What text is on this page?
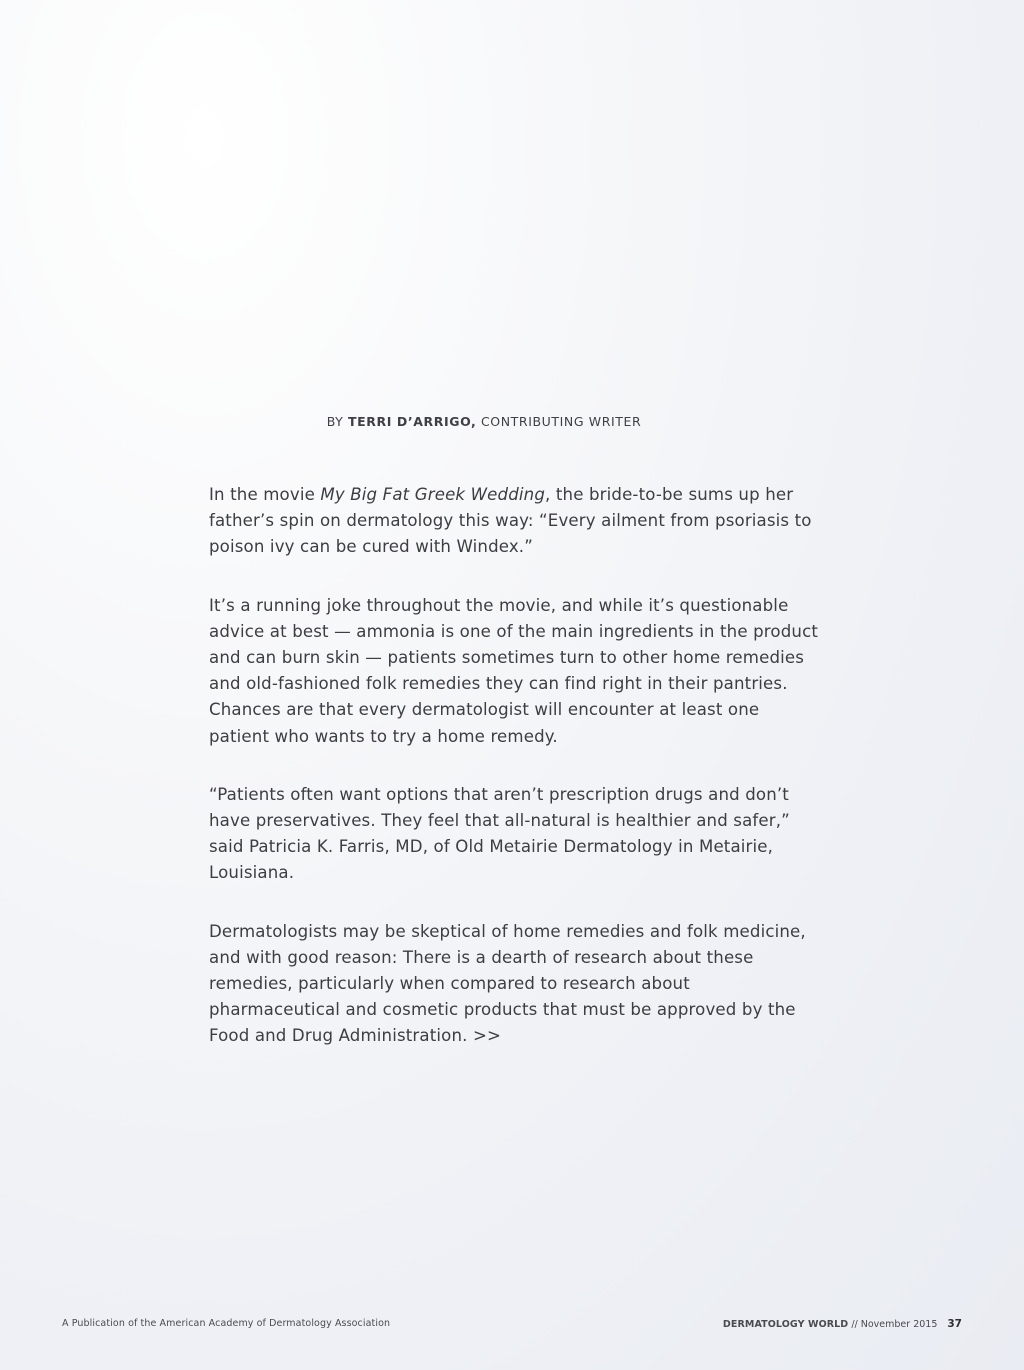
BY TERRI D’ARRIGO, CONTRIBUTING WRITER

In the movie My Big Fat Greek Wedding, the bride-to-be sums up her father’s spin on dermatology this way: “Every ailment from psoriasis to poison ivy can be cured with Windex.”

It’s a running joke throughout the movie, and while it’s questionable advice at best — ammonia is one of the main ingredients in the product and can burn skin — patients sometimes turn to other home remedies and old-fashioned folk remedies they can find right in their pantries. Chances are that every dermatologist will encounter at least one patient who wants to try a home remedy.

“Patients often want options that aren’t prescription drugs and don’t have preservatives. They feel that all-natural is healthier and safer,” said Patricia K. Farris, MD, of Old Metairie Dermatology in Metairie, Louisiana.

Dermatologists may be skeptical of home remedies and folk medicine, and with good reason: There is a dearth of research about these remedies, particularly when compared to research about pharmaceutical and cosmetic products that must be approved by the Food and Drug Administration. >>

A Publication of the American Academy of Dermatology Association	DERMATOLOGY WORLD // November 2015 37
